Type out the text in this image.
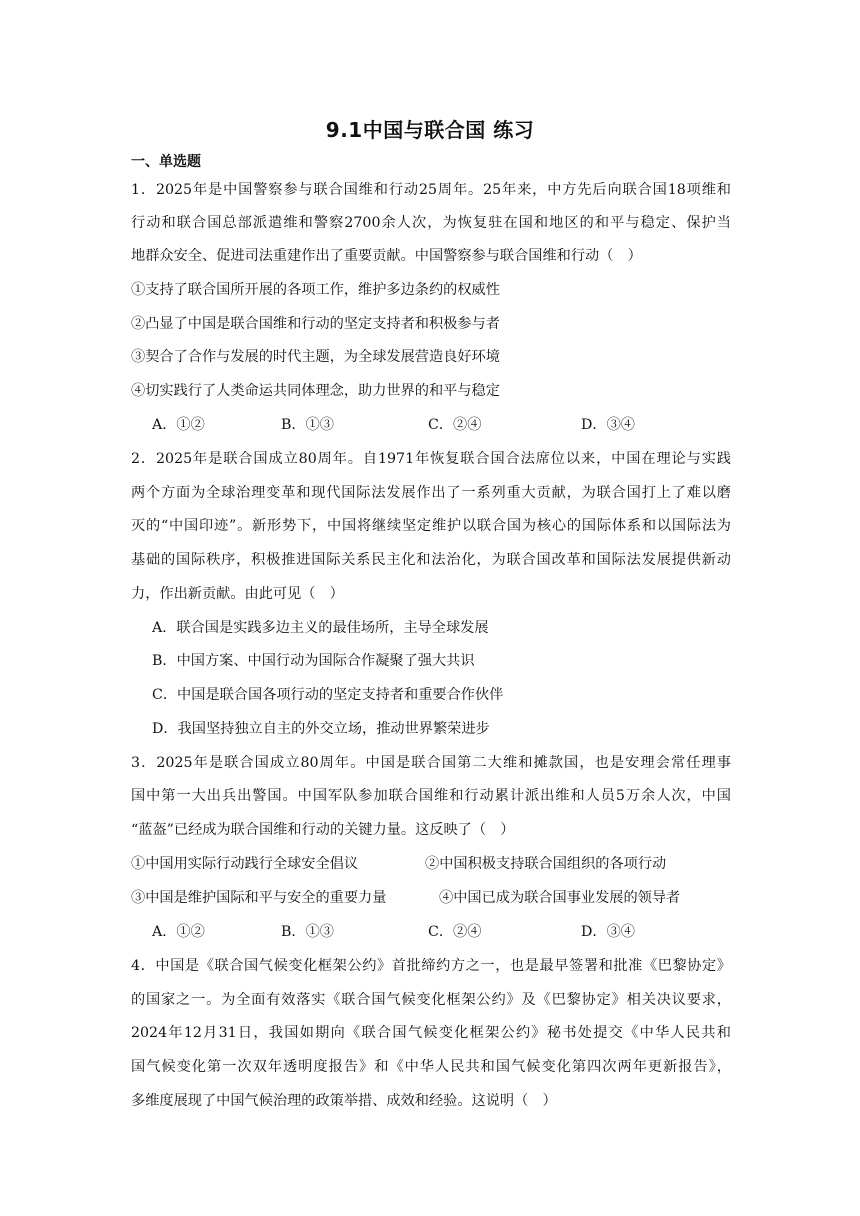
9.1中国与联合国 练习
一、单选题
1．2025年是中国警察参与联合国维和行动25周年。25年来，中方先后向联合国18项维和
行动和联合国总部派遣维和警察2700余人次，为恢复驻在国和地区的和平与稳定、保护当
地群众安全、促进司法重建作出了重要贡献。中国警察参与联合国维和行动（　）
①支持了联合国所开展的各项工作，维护多边条约的权威性
②凸显了中国是联合国维和行动的坚定支持者和积极参与者
③契合了合作与发展的时代主题，为全球发展营造良好环境
④切实践行了人类命运共同体理念，助力世界的和平与稳定
A．①②	B．①③	C．②④	D．③④
2．2025年是联合国成立80周年。自1971年恢复联合国合法席位以来，中国在理论与实践
两个方面为全球治理变革和现代国际法发展作出了一系列重大贡献，为联合国打上了难以磨
灭的“中国印迹”。新形势下，中国将继续坚定维护以联合国为核心的国际体系和以国际法为
基础的国际秩序，积极推进国际关系民主化和法治化，为联合国改革和国际法发展提供新动
力，作出新贡献。由此可见（　）
A．联合国是实践多边主义的最佳场所，主导全球发展
B．中国方案、中国行动为国际合作凝聚了强大共识
C．中国是联合国各项行动的坚定支持者和重要合作伙伴
D．我国坚持独立自主的外交立场，推动世界繁荣进步
3．2025年是联合国成立80周年。中国是联合国第二大维和摊款国，也是安理会常任理事
国中第一大出兵出警国。中国军队参加联合国维和行动累计派出维和人员5万余人次，中国
“蓝盔”已经成为联合国维和行动的关键力量。这反映了（　）
①中国用实际行动践行全球安全倡议	②中国积极支持联合国组织的各项行动
③中国是维护国际和平与安全的重要力量	④中国已成为联合国事业发展的领导者
A．①②	B．①③	C．②④	D．③④
4．中国是《联合国气候变化框架公约》首批缔约方之一，也是最早签署和批准《巴黎协定》
的国家之一。为全面有效落实《联合国气候变化框架公约》及《巴黎协定》相关决议要求，
2024年12月31日，我国如期向《联合国气候变化框架公约》秘书处提交《中华人民共和
国气候变化第一次双年透明度报告》和《中华人民共和国气候变化第四次两年更新报告》，
多维度展现了中国气候治理的政策举措、成效和经验。这说明（　）
